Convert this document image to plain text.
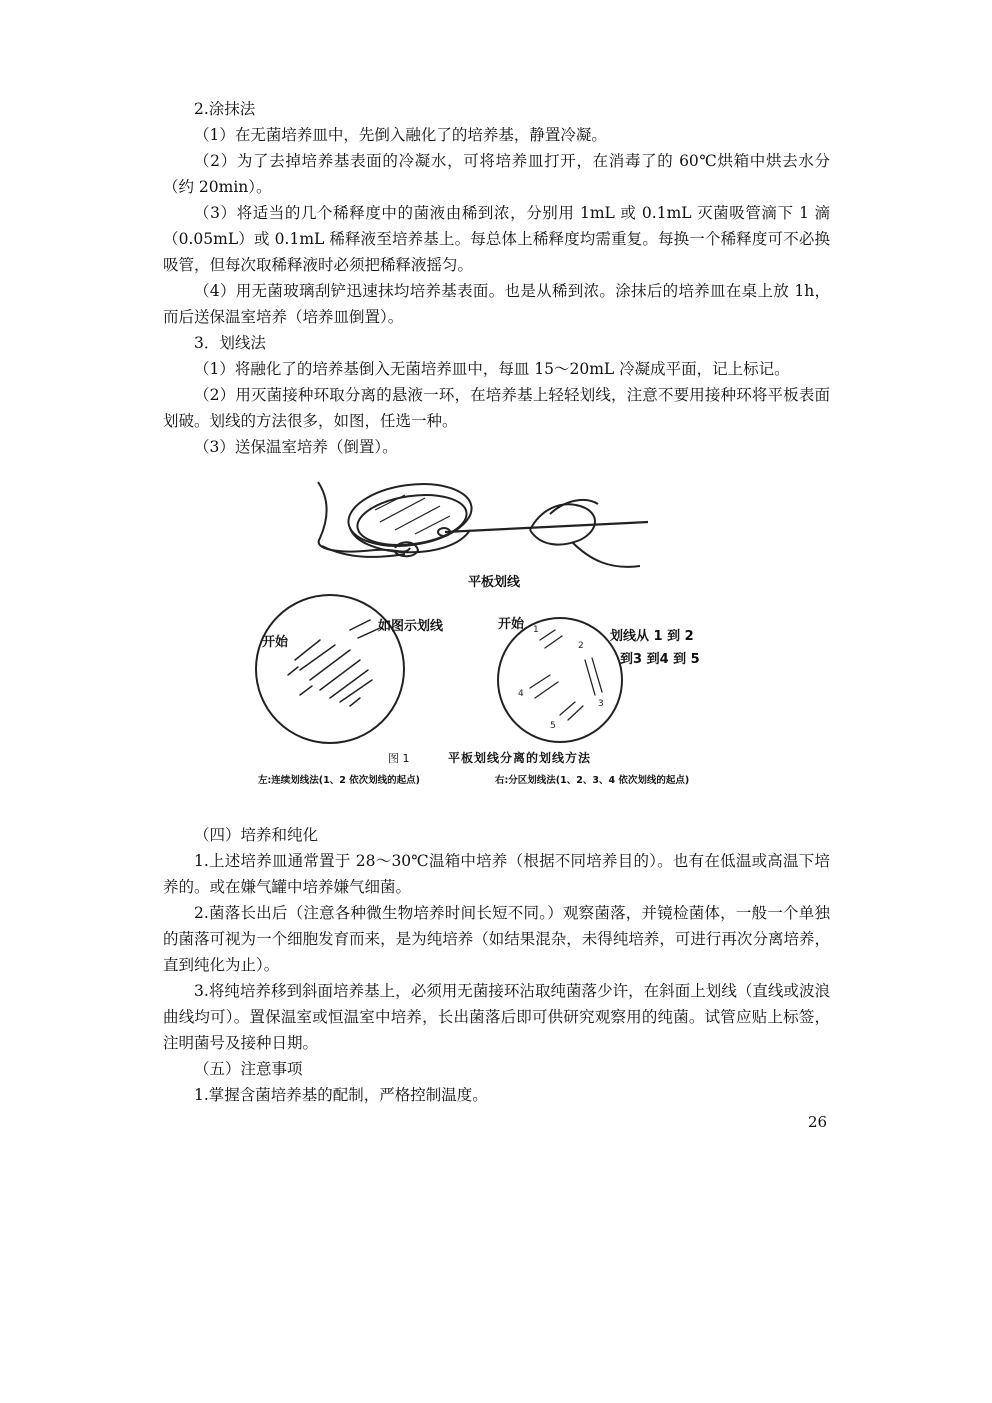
2.涂抹法

（1）在无菌培养皿中，先倒入融化了的培养基，静置冷凝。

（2）为了去掉培养基表面的冷凝水，可将培养皿打开，在消毒了的 60℃烘箱中烘去水分（约 20min）。

（3）将适当的几个稀释度中的菌液由稀到浓，分别用 1mL 或 0.1mL 灭菌吸管滴下 1 滴（0.05mL）或 0.1mL 稀释液至培养基上。每总体上稀释度均需重复。每换一个稀释度可不必换吸管，但每次取稀释液时必须把稀释液摇匀。

（4）用无菌玻璃刮铲迅速抹均培养基表面。也是从稀到浓。涂抹后的培养皿在桌上放 1h，而后送保温室培养（培养皿倒置）。

3．划线法

（1）将融化了的培养基倒入无菌培养皿中，每皿 15～20mL 冷凝成平面，记上标记。

（2）用灭菌接种环取分离的悬液一环，在培养基上轻轻划线，注意不要用接种环将平板表面划破。划线的方法很多，如图，任选一种。

（3）送保温室培养（倒置）。

1
2
3
4
5
平板划线
开始
如图示划线	开始
划线从 1 到 2
到3 到4 到 5
图 1	平板划线分离的划线方法
左:连续划线法(1、2 依次划线的起点)	右:分区划线法(1、2、3、4 依次划线的起点)

（四）培养和纯化

1.上述培养皿通常置于 28～30℃温箱中培养（根据不同培养目的）。也有在低温或高温下培养的。或在嫌气罐中培养嫌气细菌。

2.菌落长出后（注意各种微生物培养时间长短不同。）观察菌落，并镜检菌体，一般一个单独的菌落可视为一个细胞发育而来，是为纯培养（如结果混杂，未得纯培养，可进行再次分离培养，直到纯化为止）。

3.将纯培养移到斜面培养基上，必须用无菌接环沾取纯菌落少许，在斜面上划线（直线或波浪曲线均可）。置保温室或恒温室中培养，长出菌落后即可供研究观察用的纯菌。试管应贴上标签，注明菌号及接种日期。

（五）注意事项

1.掌握含菌培养基的配制，严格控制温度。

26
